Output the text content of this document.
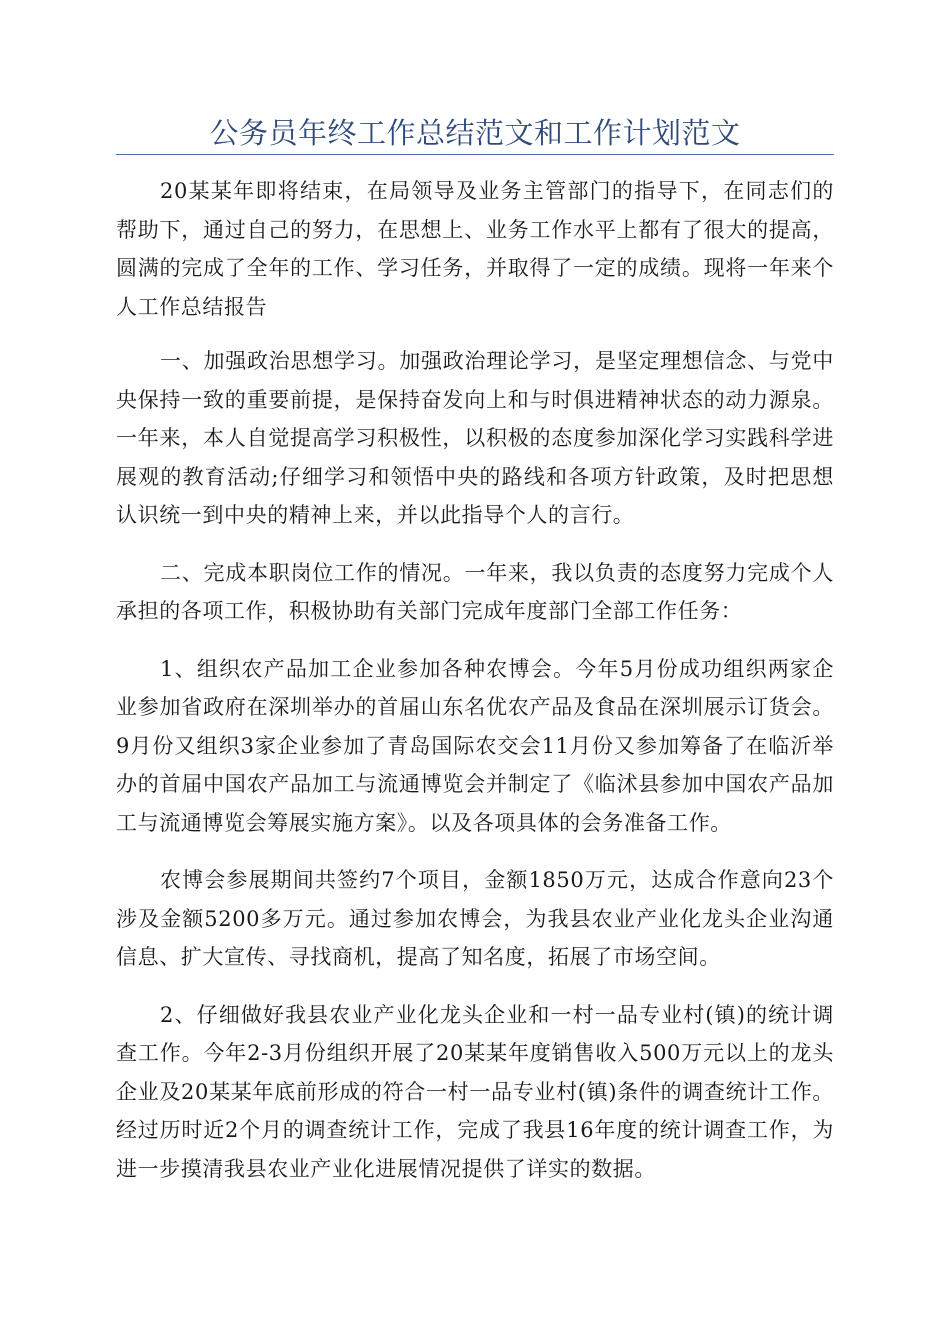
公务员年终工作总结范文和工作计划范文

20某某年即将结束，在局领导及业务主管部门的指导下，在同志们的帮助下，通过自己的努力，在思想上、业务工作水平上都有了很大的提高，圆满的完成了全年的工作、学习任务，并取得了一定的成绩。现将一年来个人工作总结报告

一、加强政治思想学习。加强政治理论学习，是坚定理想信念、与党中央保持一致的重要前提，是保持奋发向上和与时俱进精神状态的动力源泉。一年来，本人自觉提高学习积极性，以积极的态度参加深化学习实践科学进展观的教育活动;仔细学习和领悟中央的路线和各项方针政策，及时把思想认识统一到中央的精神上来，并以此指导个人的言行。

二、完成本职岗位工作的情况。一年来，我以负责的态度努力完成个人承担的各项工作，积极协助有关部门完成年度部门全部工作任务：

1、组织农产品加工企业参加各种农博会。今年5月份成功组织两家企业参加省政府在深圳举办的首届山东名优农产品及食品在深圳展示订货会。9月份又组织3家企业参加了青岛国际农交会11月份又参加筹备了在临沂举办的首届中国农产品加工与流通博览会并制定了《临沭县参加中国农产品加工与流通博览会筹展实施方案》。以及各项具体的会务准备工作。

农博会参展期间共签约7个项目，金额1850万元，达成合作意向23个涉及金额5200多万元。通过参加农博会，为我县农业产业化龙头企业沟通信息、扩大宣传、寻找商机，提高了知名度，拓展了市场空间。

2、仔细做好我县农业产业化龙头企业和一村一品专业村(镇)的统计调查工作。今年2-3月份组织开展了20某某年度销售收入500万元以上的龙头企业及20某某年底前形成的符合一村一品专业村(镇)条件的调查统计工作。经过历时近2个月的调查统计工作，完成了我县16年度的统计调查工作，为进一步摸清我县农业产业化进展情况提供了详实的数据。
